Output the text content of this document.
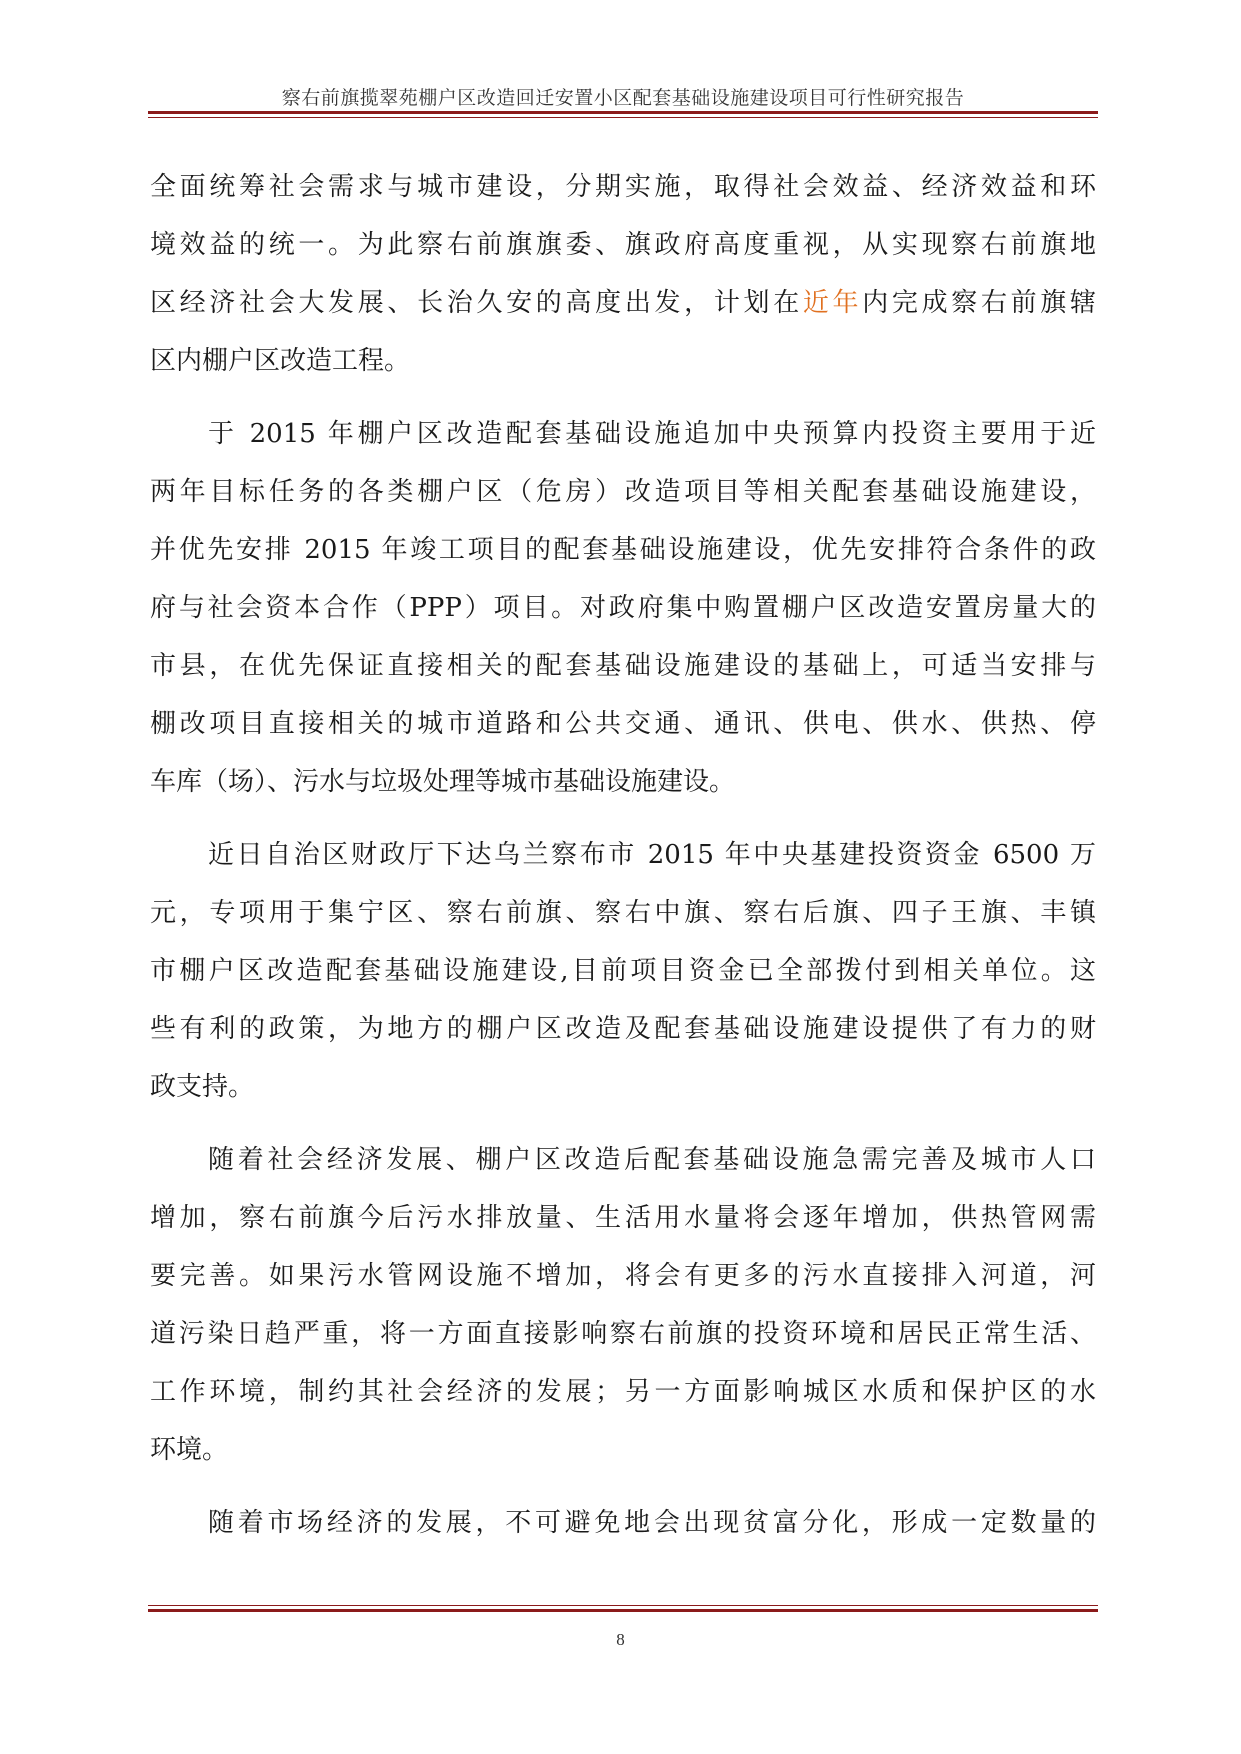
察右前旗揽翠苑棚户区改造回迁安置小区配套基础设施建设项目可行性研究报告
全面统筹社会需求与城市建设，分期实施，取得社会效益、经济效益和环
境效益的统一。为此察右前旗旗委、旗政府高度重视，从实现察右前旗地
区经济社会大发展、长治久安的高度出发，计划在近年内完成察右前旗辖
区内棚户区改造工程。
于 2015 年棚户区改造配套基础设施追加中央预算内投资主要用于近
两年目标任务的各类棚户区（危房）改造项目等相关配套基础设施建设，
并优先安排 2015 年竣工项目的配套基础设施建设，优先安排符合条件的政
府与社会资本合作（PPP）项目。对政府集中购置棚户区改造安置房量大的
市县，在优先保证直接相关的配套基础设施建设的基础上，可适当安排与
棚改项目直接相关的城市道路和公共交通、通讯、供电、供水、供热、停
车库（场）、污水与垃圾处理等城市基础设施建设。
近日自治区财政厅下达乌兰察布市 2015 年中央基建投资资金 6500 万
元，专项用于集宁区、察右前旗、察右中旗、察右后旗、四子王旗、丰镇
市棚户区改造配套基础设施建设,目前项目资金已全部拨付到相关单位。这
些有利的政策，为地方的棚户区改造及配套基础设施建设提供了有力的财
政支持。
随着社会经济发展、棚户区改造后配套基础设施急需完善及城市人口
增加，察右前旗今后污水排放量、生活用水量将会逐年增加，供热管网需
要完善。如果污水管网设施不增加，将会有更多的污水直接排入河道，河
道污染日趋严重，将一方面直接影响察右前旗的投资环境和居民正常生活、
工作环境，制约其社会经济的发展；另一方面影响城区水质和保护区的水
环境。
随着市场经济的发展，不可避免地会出现贫富分化，形成一定数量的
8
